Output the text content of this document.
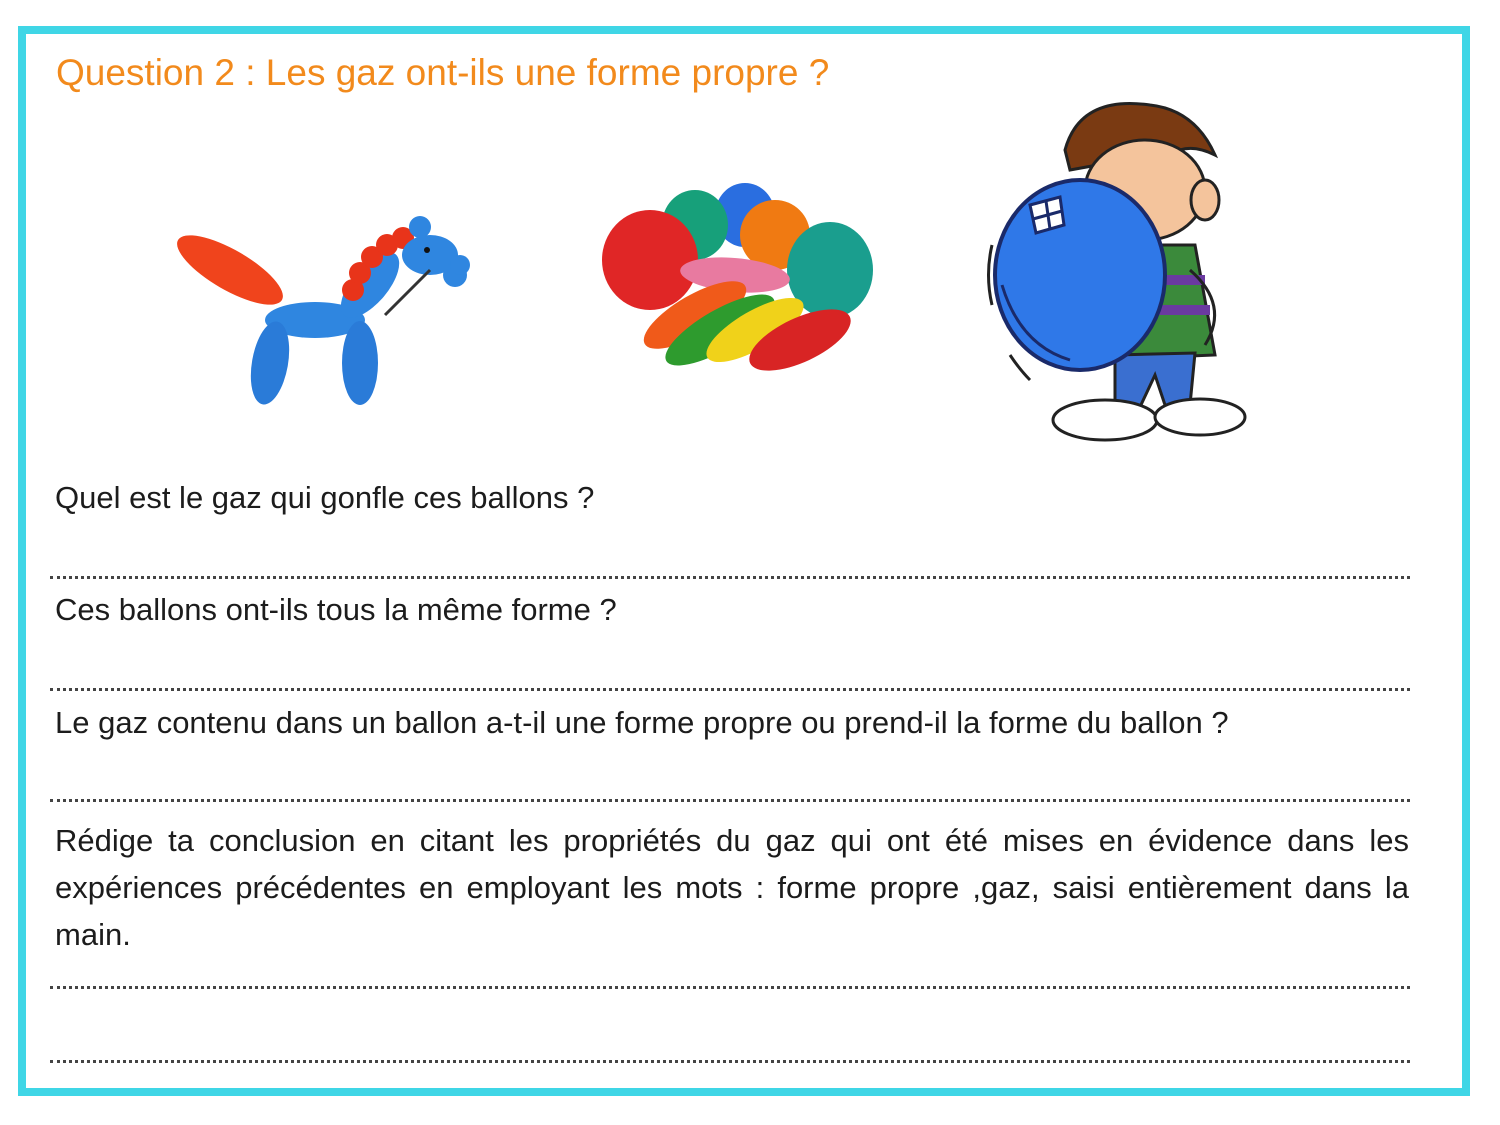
Question 2 : Les gaz ont-ils une forme propre ?
Quel est le gaz qui gonfle ces ballons ?
Ces ballons ont-ils tous la même forme ?
Le gaz contenu dans un ballon a-t-il une forme propre ou prend-il la forme du ballon ?
Rédige ta conclusion en citant les propriétés du gaz qui ont été mises en évidence dans les expériences précédentes en employant les mots : forme propre ,gaz, saisi entièrement dans la main.
